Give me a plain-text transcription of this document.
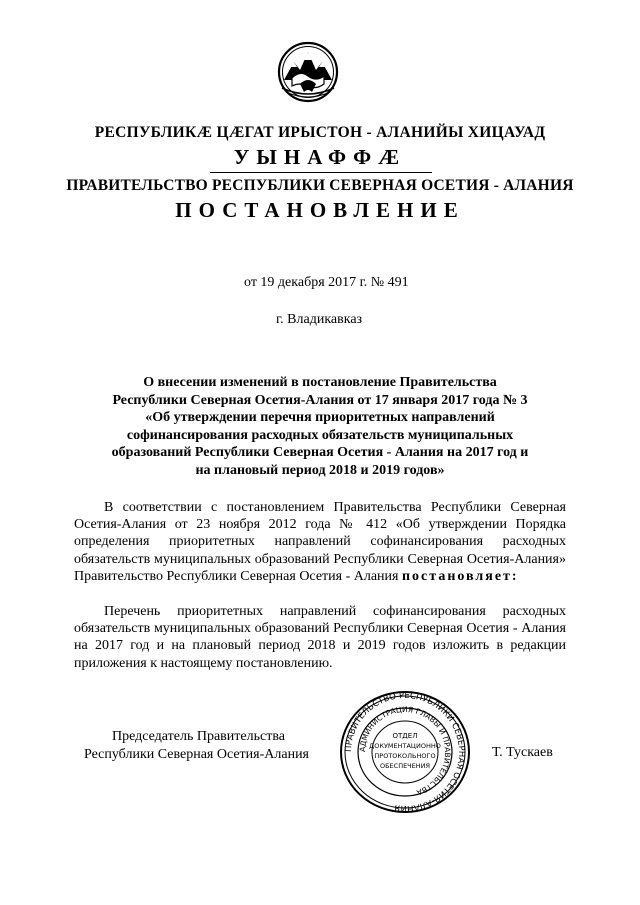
РЕСПУБЛИКӔ ЦӔГАТ ИРЫСТОН - АЛАНИЙЫ ХИЦАУАД
УЫНАФФӔ
ПРАВИТЕЛЬСТВО РЕСПУБЛИКИ СЕВЕРНАЯ ОСЕТИЯ - АЛАНИЯ
ПОСТАНОВЛЕНИЕ
от 19 декабря 2017 г. № 491
г. Владикавказ
О внесении изменений в постановление Правительства
Республики Северная Осетия-Алания от 17 января 2017 года № 3
«Об утверждении перечня приоритетных направлений
софинансирования расходных обязательств муниципальных
образований Республики Северная Осетия - Алания на 2017 год и
на плановый период 2018 и 2019 годов»
В соответствии с постановлением Правительства Республики Северная Осетия-Алания от 23 ноября 2012 года № 412 «Об утверждении Порядка определения приоритетных направлений софинансирования расходных обязательств муниципальных образований Республики Северная Осетия-Алания» Правительство Республики Северная Осетия - Алания постановляет:
Перечень приоритетных направлений софинансирования расходных обязательств муниципальных образований Республики Северная Осетия - Алания на 2017 год и на плановый период 2018 и 2019 годов изложить в редакции приложения к настоящему постановлению.
Председатель Правительства
Республики Северная Осетия-Алания	Т. Тускаев
ПРАВИТЕЛЬСТВО РЕСПУБЛИКИ СЕВЕРНАЯ ОСЕТИЯ-АЛАНИЯ
АДМИНИСТРАЦИЯ ГЛАВЫ И ПРАВИТЕЛЬСТВА
ОТДЕЛ
ДОКУМЕНТАЦИОННО
ПРОТОКОЛЬНОГО
ОБЕСПЕЧЕНИЯ
